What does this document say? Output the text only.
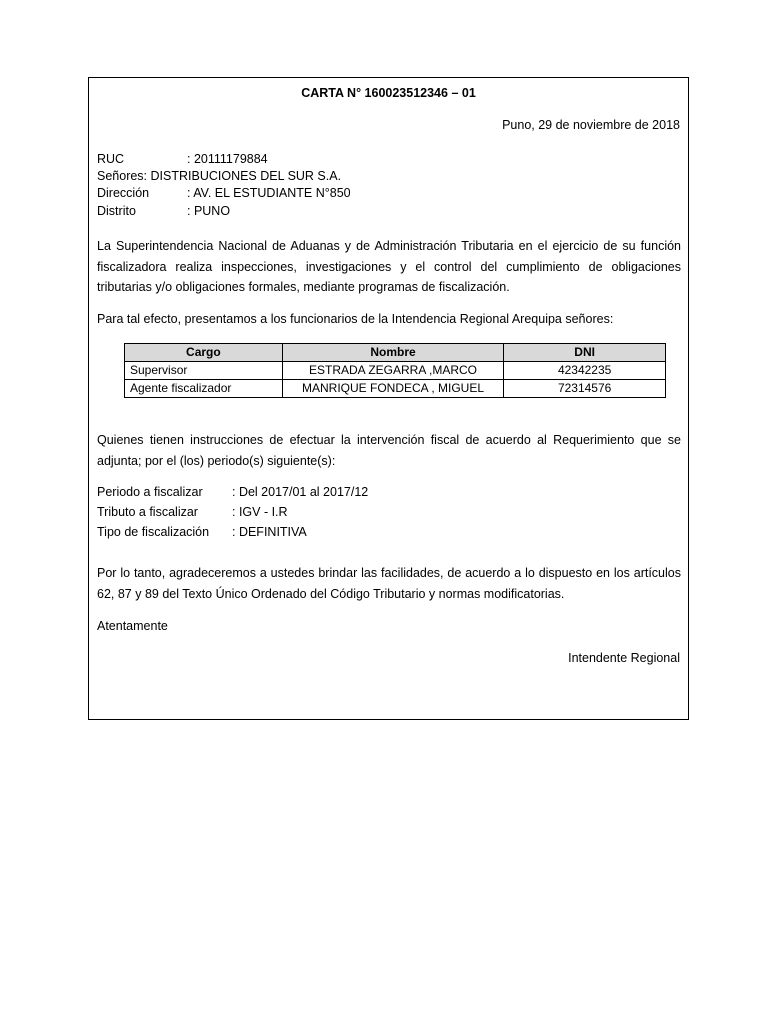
CARTA N° 160023512346 – 01
Puno, 29 de noviembre de 2018
RUC	: 20111179884
Señores: DISTRIBUCIONES DEL SUR S.A.
Dirección	: AV. EL ESTUDIANTE N°850
Distrito	: PUNO
La Superintendencia Nacional de Aduanas y de Administración Tributaria en el ejercicio de su función
fiscalizadora realiza inspecciones, investigaciones y el control del cumplimiento de obligaciones
tributarias y/o obligaciones formales, mediante programas de fiscalización.
Para tal efecto, presentamos a los funcionarios de la Intendencia Regional Arequipa señores:
Cargo	Nombre	DNI
Supervisor	ESTRADA ZEGARRA ,MARCO	42342235
Agente fiscalizador	MANRIQUE FONDECA , MIGUEL	72314576
Quienes tienen instrucciones de efectuar la intervención fiscal de acuerdo al Requerimiento que se
adjunta; por el (los) periodo(s) siguiente(s):
Periodo a fiscalizar : Del 2017/01 al 2017/12
Tributo a fiscalizar	: IGV - I.R
Tipo de fiscalización : DEFINITIVA
Por lo tanto, agradeceremos a ustedes brindar las facilidades, de acuerdo a lo dispuesto en los artículos
62, 87 y 89 del Texto Único Ordenado del Código Tributario y normas modificatorias.
Atentamente
Intendente Regional
